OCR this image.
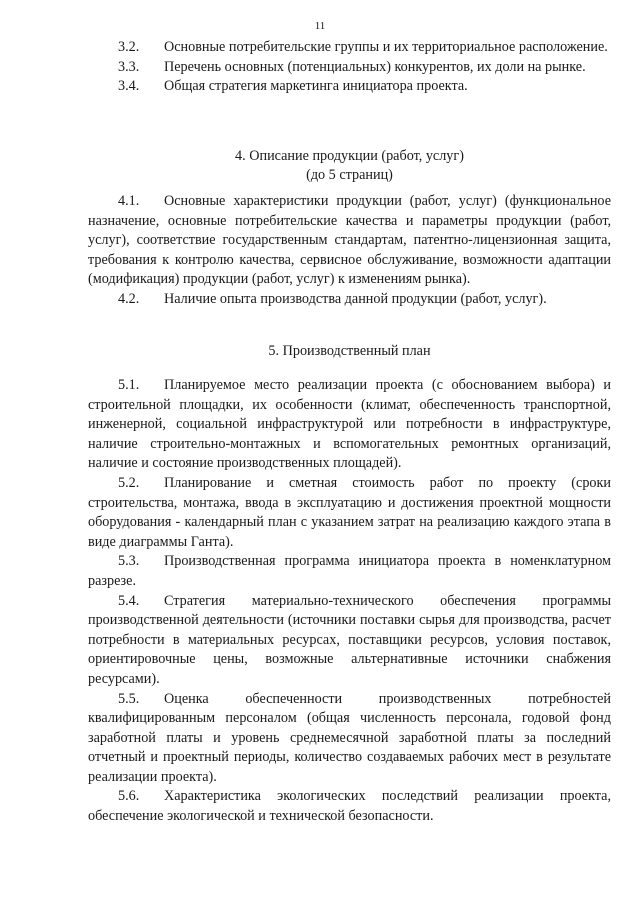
11

3.2. Основные потребительские группы и их территориальное расположение.

3.3. Перечень основных (потенциальных) конкурентов, их доли на рынке.

3.4. Общая стратегия маркетинга инициатора проекта.

4. Описание продукции (работ, услуг)
(до 5 страниц)

4.1. Основные характеристики продукции (работ, услуг) (функциональное назначение, основные потребительские качества и параметры продукции (работ, услуг), соответствие государственным стандартам, патентно-лицензионная защита, требования к контролю качества, сервисное обслуживание, возможности адаптации (модификация) продукции (работ, услуг) к изменениям рынка).

4.2. Наличие опыта производства данной продукции (работ, услуг).

5. Производственный план

5.1. Планируемое место реализации проекта (с обоснованием выбора) и строительной площадки, их особенности (климат, обеспеченность транспортной, инженерной, социальной инфраструктурой или потребности в инфраструктуре, наличие строительно-монтажных и вспомогательных ремонтных организаций, наличие и состояние производственных площадей).

5.2. Планирование и сметная стоимость работ по проекту (сроки строительства, монтажа, ввода в эксплуатацию и достижения проектной мощности оборудования - календарный план с указанием затрат на реализацию каждого этапа в виде диаграммы Ганта).

5.3. Производственная программа инициатора проекта в номенклатурном разрезе.

5.4. Стратегия материально-технического обеспечения программы производственной деятельности (источники поставки сырья для производства, расчет потребности в материальных ресурсах, поставщики ресурсов, условия поставок, ориентировочные цены, возможные альтернативные источники снабжения ресурсами).

5.5. Оценка обеспеченности производственных потребностей квалифицированным персоналом (общая численность персонала, годовой фонд заработной платы и уровень среднемесячной заработной платы за последний отчетный и проектный периоды, количество создаваемых рабочих мест в результате реализации проекта).

5.6. Характеристика экологических последствий реализации проекта, обеспечение экологической и технической безопасности.
